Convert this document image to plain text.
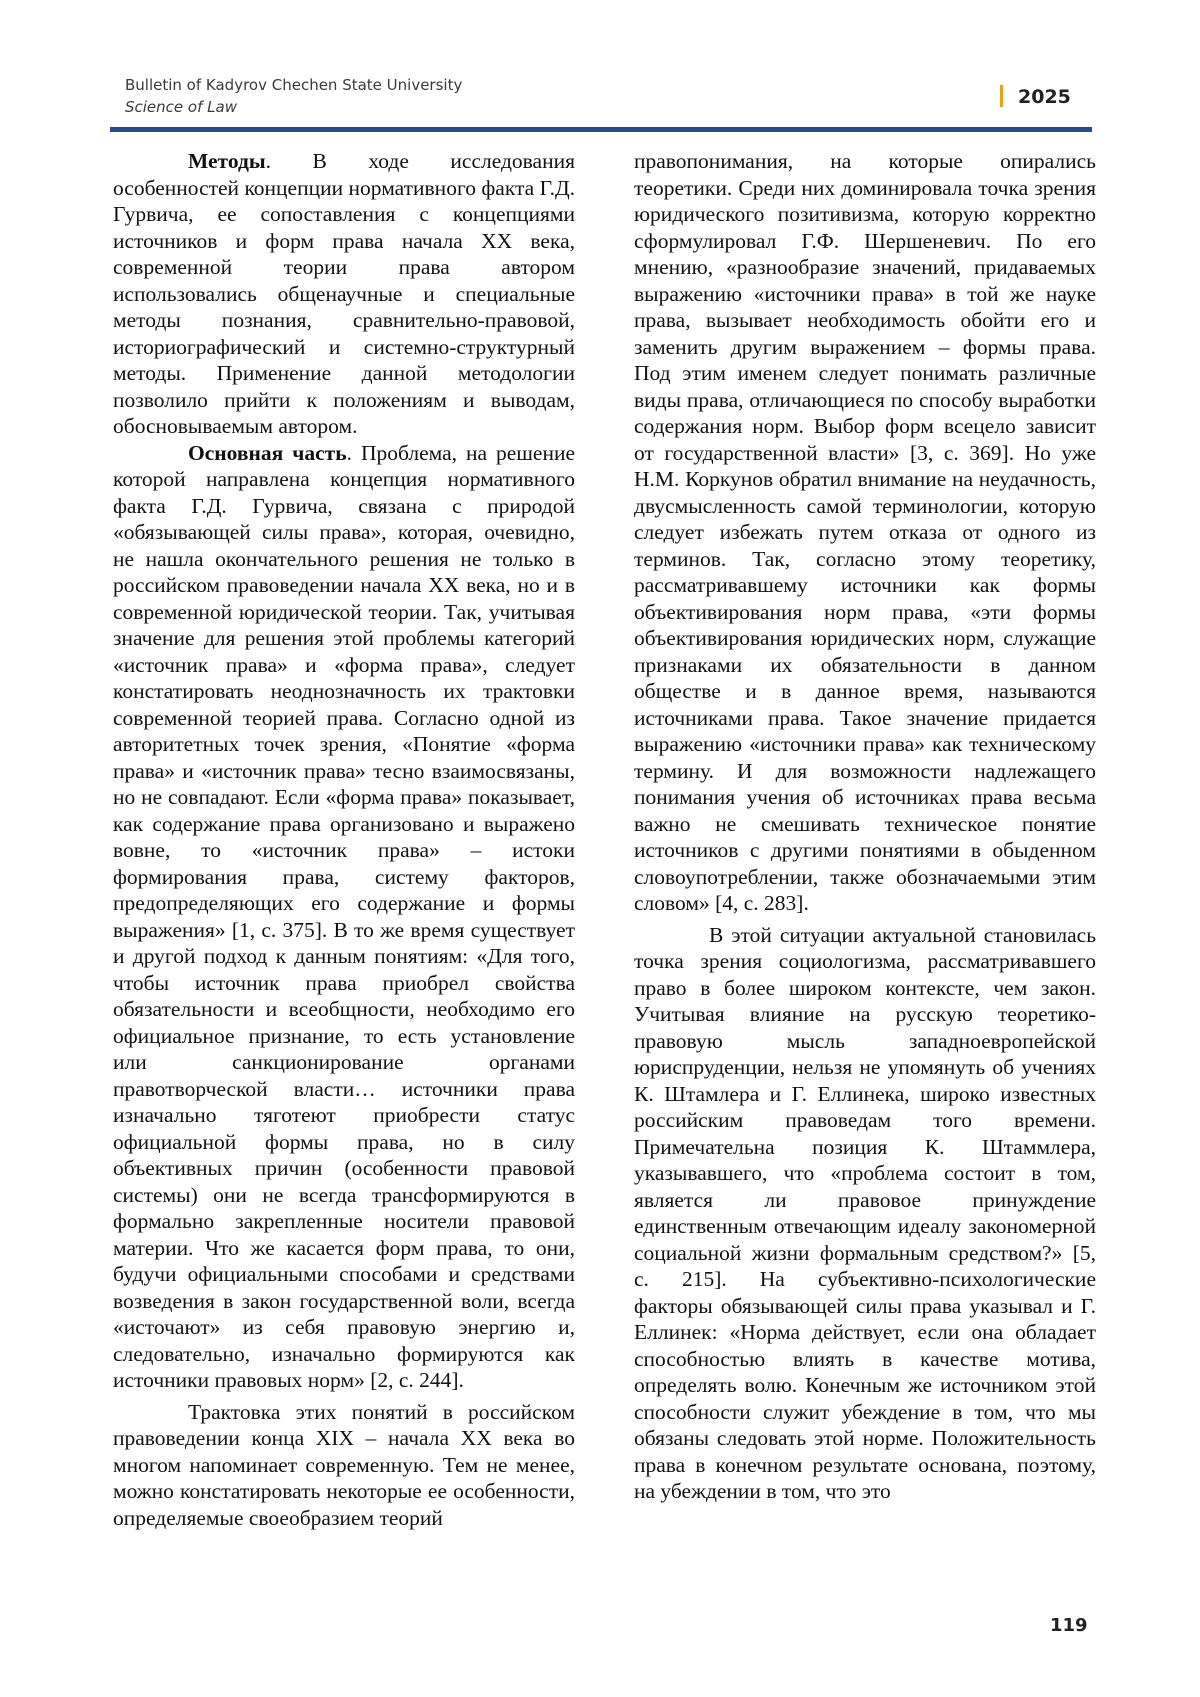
Bulletin of Kadyrov Chechen State University
Science of Law	2025

Методы. В ходе исследования особенностей концепции нормативного факта Г.Д. Гурвича, ее сопоставления с концепциями источников и форм права начала XX века, современной теории права автором использовались общенаучные и специальные методы познания, сравнительно-правовой, историографический и системно-структурный методы. Применение данной методологии позволило прийти к положениям и выводам, обосновываемым автором.

Основная часть. Проблема, на решение которой направлена концепция нормативного факта Г.Д. Гурвича, связана с природой «обязывающей силы права», которая, очевидно, не нашла окончательного решения не только в российском правоведении начала XX века, но и в современной юридической теории. Так, учитывая значение для решения этой проблемы категорий «источник права» и «форма права», следует констатировать неоднозначность их трактовки современной теорией права. Согласно одной из авторитетных точек зрения, «Понятие «форма права» и «источник права» тесно взаимосвязаны, но не совпадают. Если «форма права» показывает, как содержание права организовано и выражено вовне, то «источник права» – истоки формирования права, систему факторов, предопределяющих его содержание и формы выражения» [1, с. 375]. В то же время существует и другой подход к данным понятиям: «Для того, чтобы источник права приобрел свойства обязательности и всеобщности, необходимо его официальное признание, то есть установление или санкционирование органами правотворческой власти… источники права изначально тяготеют приобрести статус официальной формы права, но в силу объективных причин (особенности правовой системы) они не всегда трансформируются в формально закрепленные носители правовой материи. Что же касается форм права, то они, будучи официальными способами и средствами возведения в закон государственной воли, всегда «источают» из себя правовую энергию и, следовательно, изначально формируются как источники правовых норм» [2, с. 244].

Трактовка этих понятий в российском правоведении конца XIX – начала XX века во многом напоминает современную. Тем не менее, можно констатировать некоторые ее особенности, определяемые своеобразием теорий

правопонимания, на которые опирались теоретики. Среди них доминировала точка зрения юридического позитивизма, которую корректно сформулировал Г.Ф. Шершеневич. По его мнению, «разнообразие значений, придаваемых выражению «источники права» в той же науке права, вызывает необходимость обойти его и заменить другим выражением – формы права. Под этим именем следует понимать различные виды права, отличающиеся по способу выработки содержания норм. Выбор форм всецело зависит от государственной власти» [3, с. 369]. Но уже Н.М. Коркунов обратил внимание на неудачность, двусмысленность самой терминологии, которую следует избежать путем отказа от одного из терминов. Так, согласно этому теоретику, рассматривавшему источники как формы объективирования норм права, «эти формы объективирования юридических норм, служащие признаками их обязательности в данном обществе и в данное время, называются источниками права. Такое значение придается выражению «источники права» как техническому термину. И для возможности надлежащего понимания учения об источниках права весьма важно не смешивать техническое понятие источников с другими понятиями в обыденном словоупотреблении, также обозначаемыми этим словом» [4, с. 283].

В этой ситуации актуальной становилась точка зрения социологизма, рассматривавшего право в более широком контексте, чем закон. Учитывая влияние на русскую теоретико-правовую мысль западноевропейской юриспруденции, нельзя не упомянуть об учениях К. Штамлера и Г. Еллинека, широко известных российским правоведам того времени. Примечательна позиция К. Штаммлера, указывавшего, что «проблема состоит в том, является ли правовое принуждение единственным отвечающим идеалу закономерной социальной жизни формальным средством?» [5, с. 215]. На субъективно-психологические факторы обязывающей силы права указывал и Г. Еллинек: «Норма действует, если она обладает способностью влиять в качестве мотива, определять волю. Конечным же источником этой способности служит убеждение в том, что мы обязаны следовать этой норме. Положительность права в конечном результате основана, поэтому, на убеждении в том, что это

119
